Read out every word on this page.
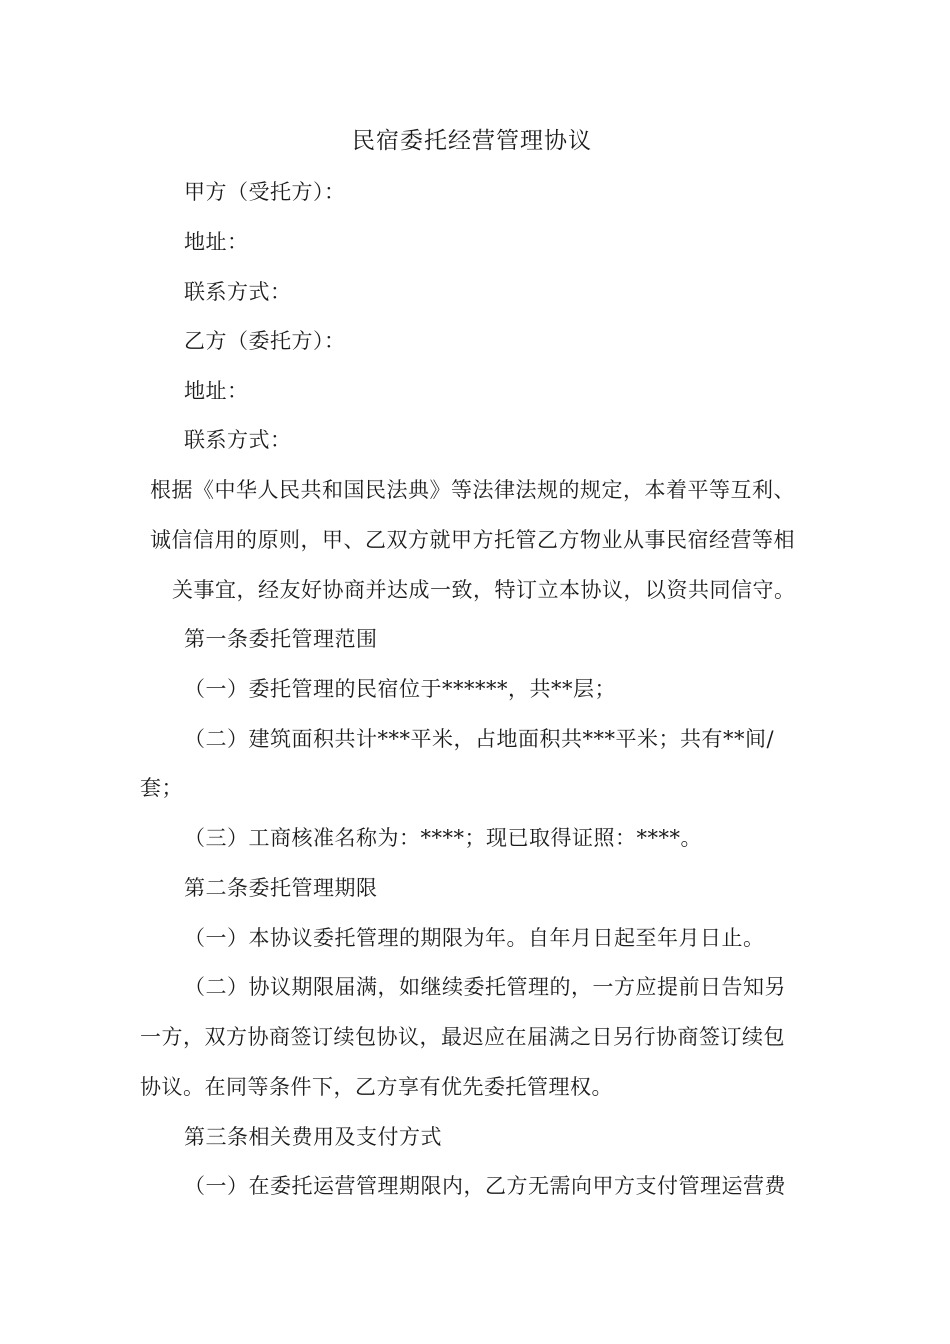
民宿委托经营管理协议
甲方（受托方）：
地址：
联系方式：
乙方（委托方）：
地址：
联系方式：
根据《中华人民共和国民法典》等法律法规的规定，本着平等互利、
诚信信用的原则，甲、乙双方就甲方托管乙方物业从事民宿经营等相
关事宜，经友好协商并达成一致，特订立本协议，以资共同信守。
第一条委托管理范围
（一）委托管理的民宿位于******，共**层；
（二）建筑面积共计***平米，占地面积共***平米；共有**间/
套；
（三）工商核准名称为：****；现已取得证照：****。
第二条委托管理期限
（一）本协议委托管理的期限为年。自年月日起至年月日止。
（二）协议期限届满，如继续委托管理的，一方应提前日告知另
一方，双方协商签订续包协议，最迟应在届满之日另行协商签订续包
协议。在同等条件下，乙方享有优先委托管理权。
第三条相关费用及支付方式
（一）在委托运营管理期限内，乙方无需向甲方支付管理运营费
